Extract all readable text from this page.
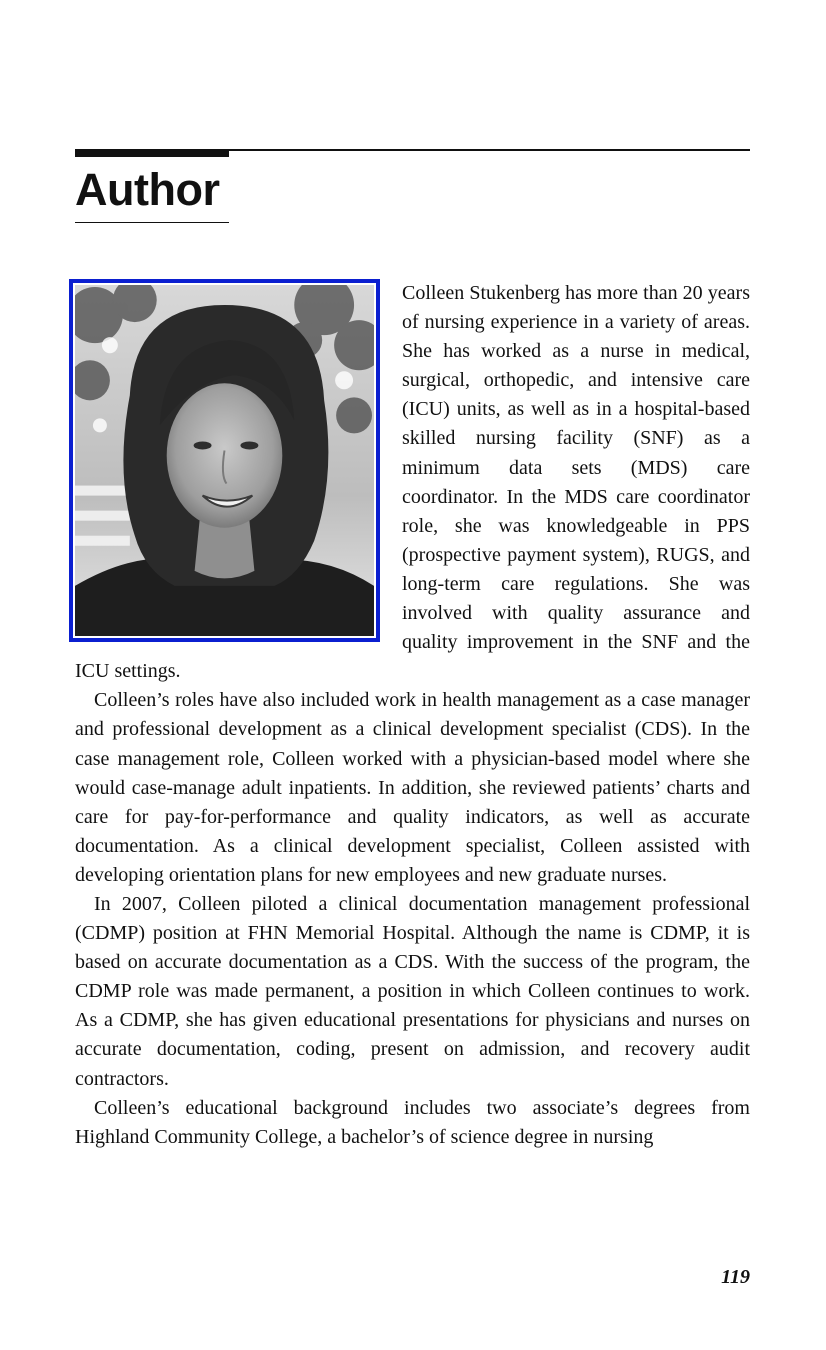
Author

Colleen Stukenberg has more than 20 years of nursing experience in a variety of areas. She has worked as a nurse in medical, surgical, orthopedic, and intensive care (ICU) units, as well as in a hospital-based skilled nursing facility (SNF) as a minimum data sets (MDS) care coordinator. In the MDS care coordinator role, she was knowledgeable in PPS (prospective payment system), RUGS, and long-term care regulations. She was involved with quality assurance and quality improvement in the SNF and the ICU settings.

Colleen’s roles have also included work in health management as a case manager and professional development as a clinical development specialist (CDS). In the case management role, Colleen worked with a physician-based model where she would case-manage adult inpatients. In addition, she reviewed patients’ charts and care for pay-for-performance and quality indicators, as well as accurate documentation. As a clinical development specialist, Colleen assisted with developing orientation plans for new employees and new graduate nurses.

In 2007, Colleen piloted a clinical documentation management professional (CDMP) position at FHN Memorial Hospital. Although the name is CDMP, it is based on accurate documentation as a CDS. With the success of the program, the CDMP role was made permanent, a position in which Colleen continues to work. As a CDMP, she has given educational presentations for physicians and nurses on accurate documentation, coding, present on admission, and recovery audit contractors.

Colleen’s educational background includes two associate’s degrees from Highland Community College, a bachelor’s of science degree in nursing

119
